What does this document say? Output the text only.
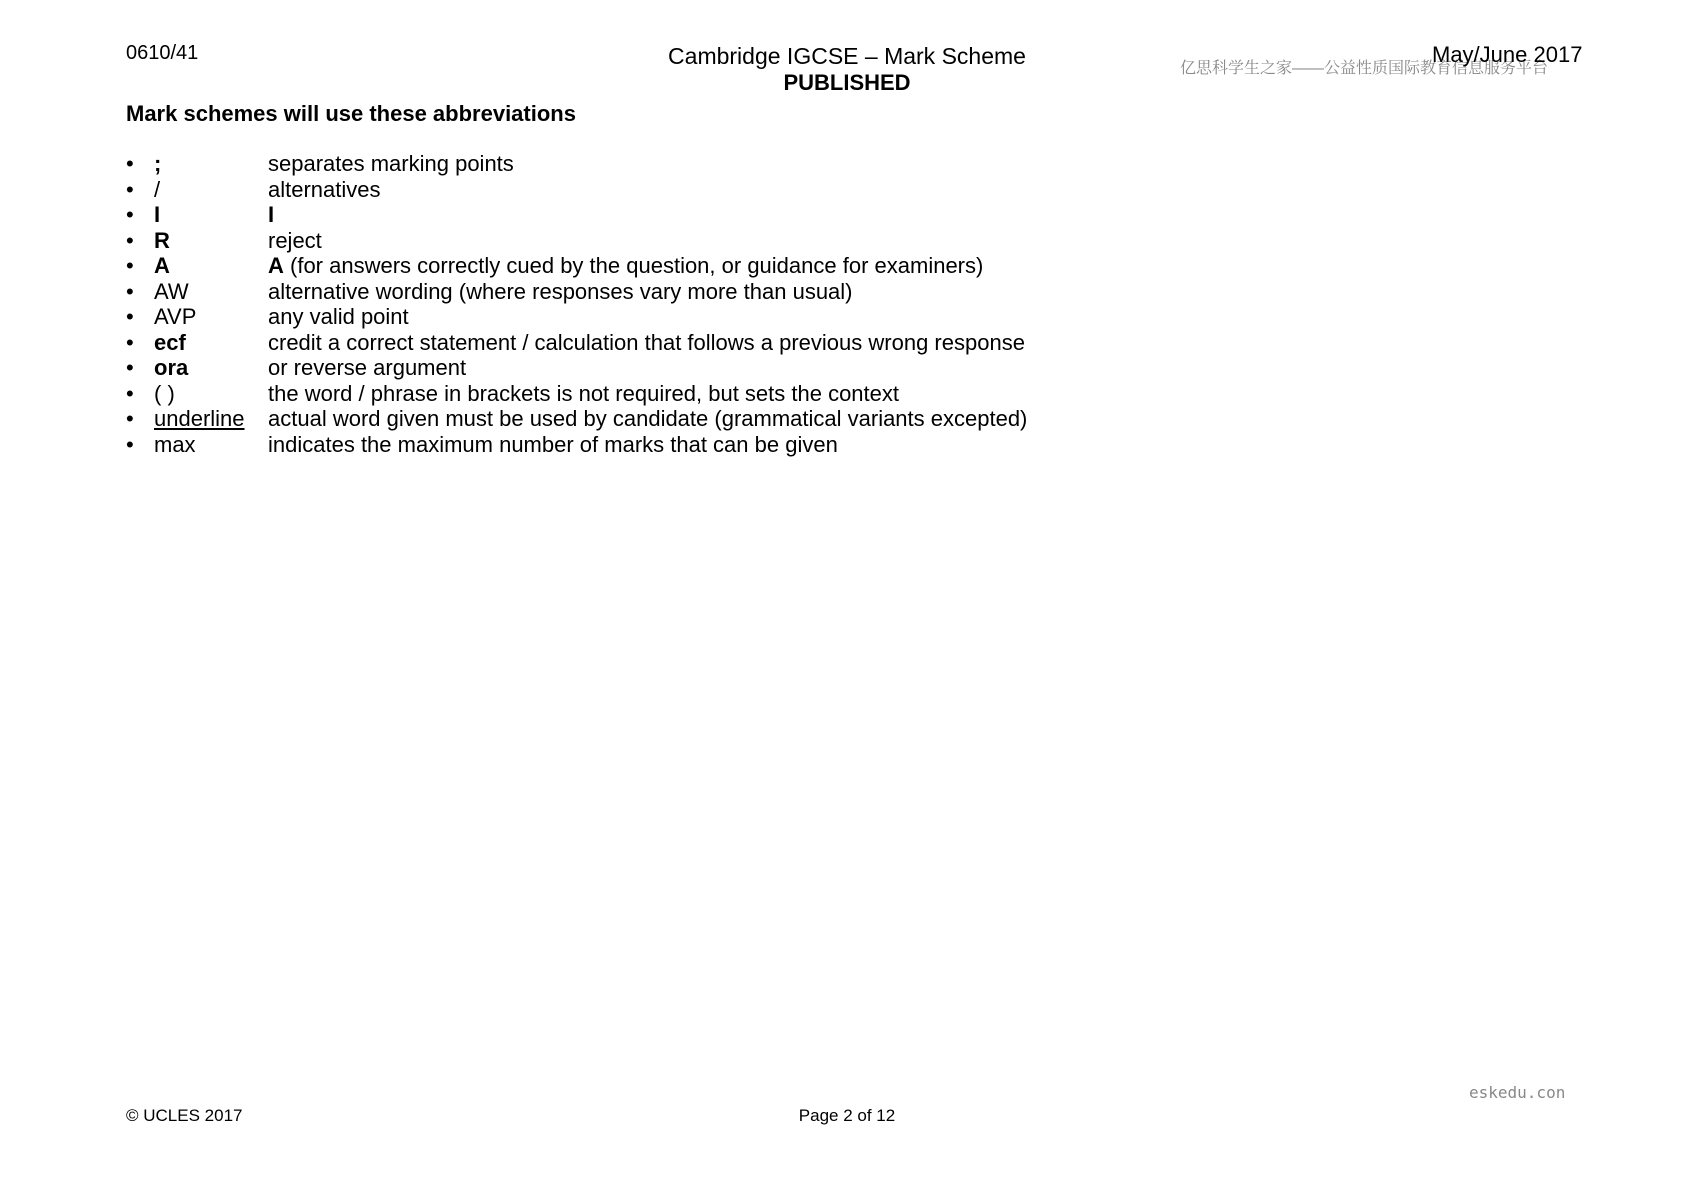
0610/41	Cambridge IGCSE – Mark Scheme
PUBLISHED
亿思科学生之家——公益性质国际教育信息服务平台
May/June 2017
Mark schemes will use these abbreviations
• ;	separates marking points
• /	alternatives
• I	I
• R	reject
• A	A (for answers correctly cued by the question, or guidance for examiners)
• AW	alternative wording (where responses vary more than usual)
• AVP	any valid point
• ecf	credit a correct statement / calculation that follows a previous wrong response
• ora	or reverse argument
• ( )	the word / phrase in brackets is not required, but sets the context
• underline	actual word given must be used by candidate (grammatical variants excepted)
• max	indicates the maximum number of marks that can be given
eskedu.con
© UCLES 2017	Page 2 of 12
